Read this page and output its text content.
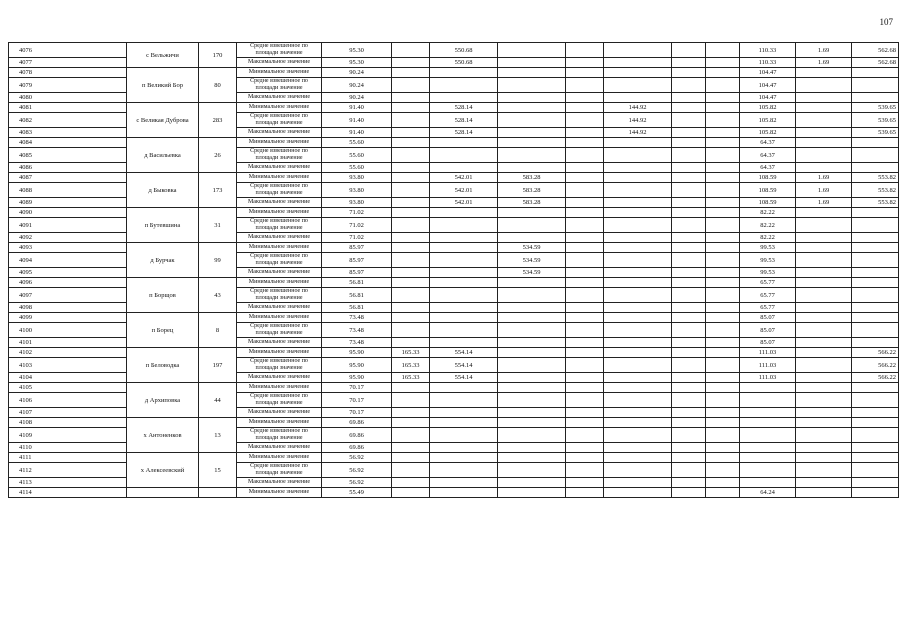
107
4076	с Вельжичи	170	Средне взвешенное по площади значение	95.30		550.68						110.33	1.69	562.68
4077			Максимальное значение	95.30		550.68						110.33	1.69	562.68
4078	п Великий Бор	80	Минимальное значение	90.24								104.47		
4079			Средне взвешенное по площади значение	90.24								104.47		
4080			Максимальное значение	90.24								104.47		
4081	с Великая Дуброва	283	Минимальное значение	91.40		528.14			144.92			105.82		539.65
4082			Средне взвешенное по площади значение	91.40		528.14			144.92			105.82		539.65
4083			Максимальное значение	91.40		528.14			144.92			105.82		539.65
4084	д Васильевка	26	Минимальное значение	55.60								64.37		
4085			Средне взвешенное по площади значение	55.60								64.37		
4086			Максимальное значение	55.60								64.37		
4087	д Быковка	173	Минимальное значение	93.80		542.01	583.28					108.59	1.69	553.82
4088			Средне взвешенное по площади значение	93.80		542.01	583.28					108.59	1.69	553.82
4089			Максимальное значение	93.80		542.01	583.28					108.59	1.69	553.82
4090	п Бутевшина	31	Минимальное значение	71.02								82.22		
4091			Средне взвешенное по площади значение	71.02								82.22		
4092			Максимальное значение	71.02								82.22		
4093	д Бурчак	99	Минимальное значение	85.97			534.59					99.53		
4094			Средне взвешенное по площади значение	85.97			534.59					99.53		
4095			Максимальное значение	85.97			534.59					99.53		
4096	п Борщов	43	Минимальное значение	56.81								65.77		
4097			Средне взвешенное по площади значение	56.81								65.77		
4098			Максимальное значение	56.81								65.77		
4099	п Борец	8	Минимальное значение	73.48								85.07		
4100			Средне взвешенное по площади значение	73.48								85.07		
4101			Максимальное значение	73.48								85.07		
4102	п Беловодка	197	Минимальное значение	95.90	165.33	554.14						111.03		566.22
4103			Средне взвешенное по площади значение	95.90	165.33	554.14						111.03		566.22
4104			Максимальное значение	95.90	165.33	554.14						111.03		566.22
4105	д Архиповка	44	Минимальное значение	70.17										
4106			Средне взвешенное по площади значение	70.17										
4107			Максимальное значение	70.17										
4108	х Антоненков	13	Минимальное значение	69.86										
4109			Средне взвешенное по площади значение	69.86										
4110			Максимальное значение	69.86										
4111	х Алексеевский	15	Минимальное значение	56.92										
4112			Средне взвешенное по площади значение	56.92										
4113			Максимальное значение	56.92										
4114			Минимальное значение	55.49								64.24		
